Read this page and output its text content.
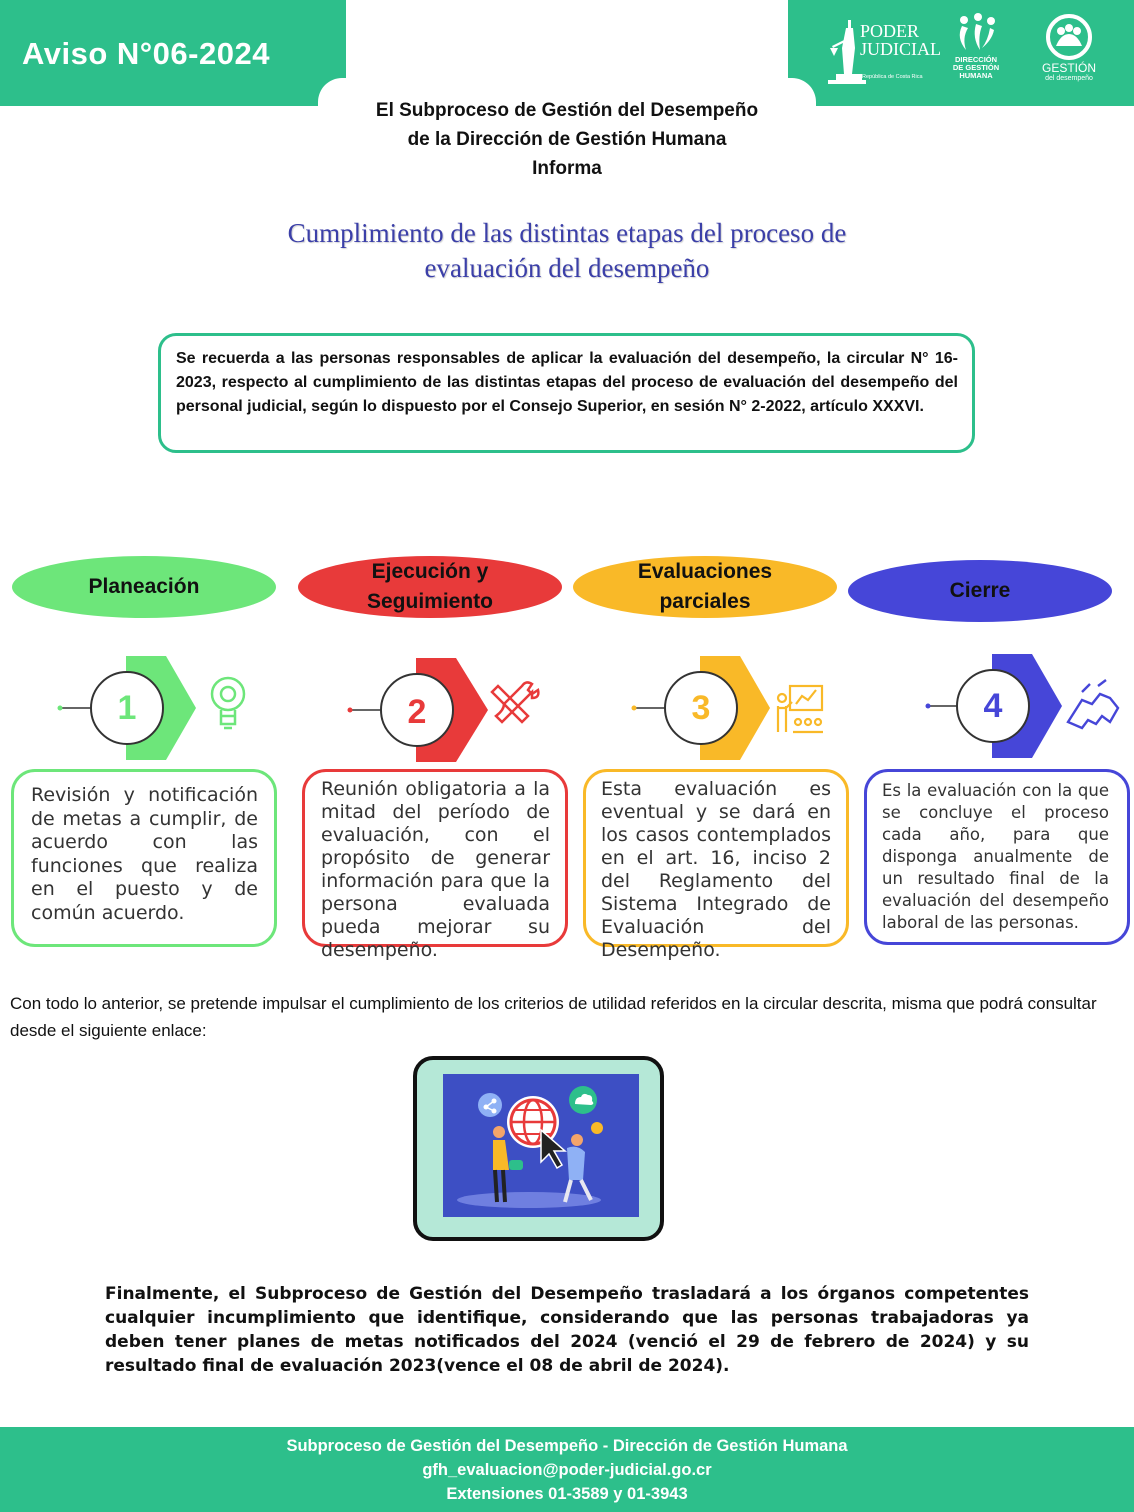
Aviso N°06-2024
PODER
JUDICIAL
República de Costa Rica
DIRECCIÓN
DE GESTIÓN
HUMANA
GESTIÓN
del desempeño
El Subproceso de Gestión del Desempeño
de la Dirección de Gestión Humana
Informa
Cumplimiento de las distintas etapas del proceso de
evaluación del desempeño
Se recuerda a las personas responsables de aplicar la evaluación del desempeño, la circular N° 16-2023, respecto al cumplimiento de las distintas etapas del proceso de evaluación del desempeño del personal judicial, según lo dispuesto por el Consejo Superior, en sesión N° 2-2022, artículo XXXVI.
Planeación
Ejecución y
Seguimiento
Evaluaciones
parciales	Cierre
1	2	3	4
Revisión y notificación de metas a cumplir, de acuerdo con las funciones que realiza en el puesto y de común acuerdo.
Reunión obligatoria a la mitad del período de evaluación, con el propósito de generar información para que la persona evaluada pueda mejorar su desempeño.
Esta evaluación es eventual y se dará en los casos contemplados en el art. 16, inciso 2 del Reglamento del Sistema Integrado de Evaluación del Desempeño.
Es la evaluación con la que se concluye el proceso cada año, para que disponga anualmente de un resultado final de la evaluación del desempeño laboral de las personas.
Con todo lo anterior, se pretende impulsar el cumplimiento de los criterios de utilidad referidos en la circular descrita, misma que podrá consultar desde el siguiente enlace:
Finalmente, el Subproceso de Gestión del Desempeño trasladará a los órganos competentes cualquier incumplimiento que identifique, considerando que las personas trabajadoras ya deben tener planes de metas notificados del 2024 (venció el 29 de febrero de 2024) y su resultado final de evaluación 2023(vence el 08 de abril de 2024).
Subproceso de Gestión del Desempeño - Dirección de Gestión Humana
gfh_evaluacion@poder-judicial.go.cr
Extensiones 01-3589 y 01-3943
